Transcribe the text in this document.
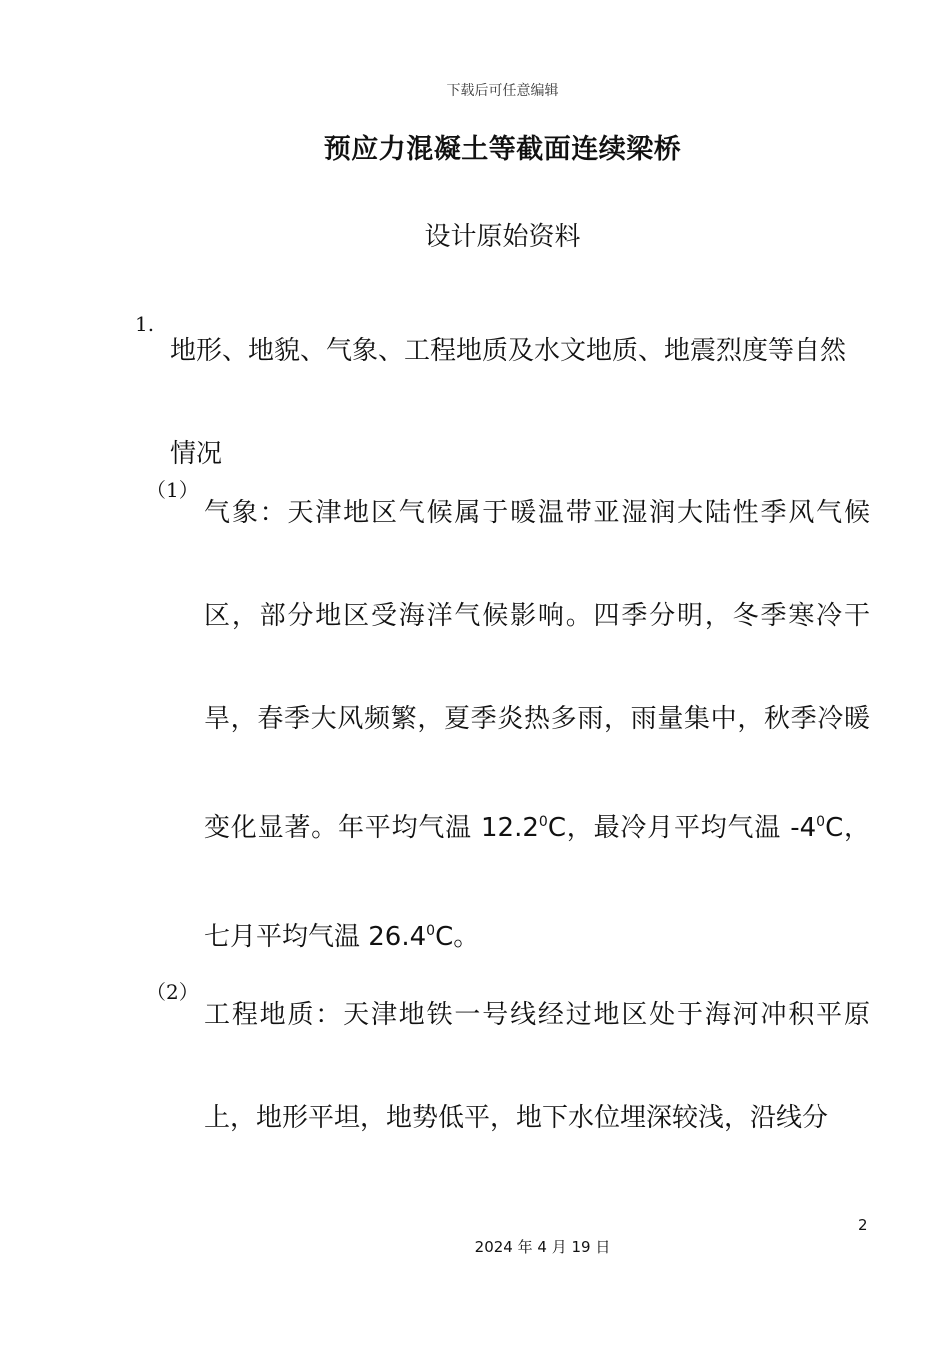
下载后可任意编辑
预应力混凝土等截面连续梁桥
设计原始资料
1.

地形、地貌、气象、工程地质及水文地质、地震烈度等自然情况

（1）

气象：天津地区气候属于暖温带亚湿润大陆性季风气候区，部分地区受海洋气候影响。四季分明，冬季寒冷干旱，春季大风频繁，夏季炎热多雨，雨量集中，秋季冷暖变化显著。年平均气温 12.2$^0$C，最冷月平均气温 $-4^0C$，七月平均气温 26.4$^0$C。

（2）

工程地质：天津地铁一号线经过地区处于海河冲积平原上，地形平坦，地势低平，地下水位埋深较浅，沿线分

2
2024 年 4 月 19 日
